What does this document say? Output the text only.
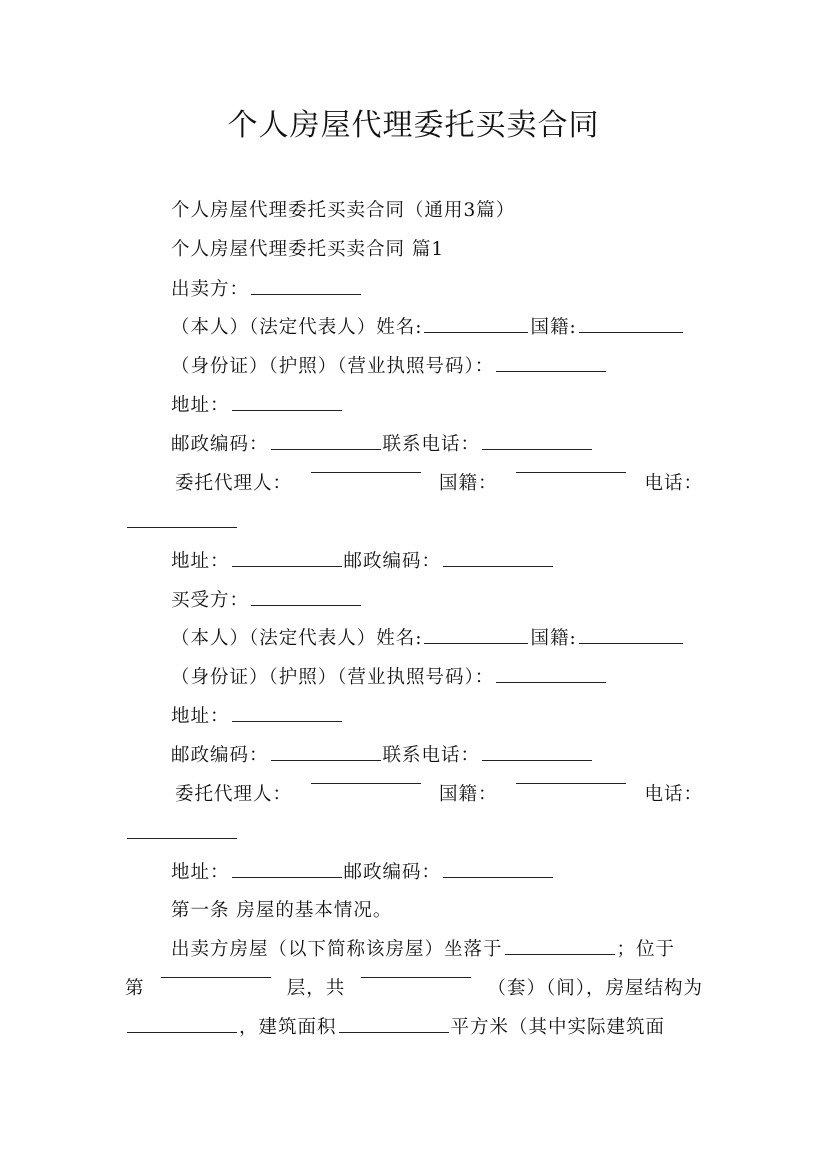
个人房屋代理委托买卖合同
个人房屋代理委托买卖合同（通用3篇）
个人房屋代理委托买卖合同 篇1
出卖方：
（本人）（法定代表人）姓名:	国籍:
（身份证）（护照）（营业执照号码）：
地址：
邮政编码：	联系电话：
委托代理人：	国籍：	电话：
地址：	邮政编码：
买受方：
（本人）（法定代表人）姓名:	国籍:
（身份证）（护照）（营业执照号码）：
地址：
邮政编码：	联系电话：
委托代理人：	国籍：	电话：
地址：	邮政编码：
第一条 房屋的基本情况。
出卖方房屋（以下简称该房屋）坐落于	；位于
第	层，共	（套）（间），房屋结构为
，建筑面积	平方米（其中实际建筑面
